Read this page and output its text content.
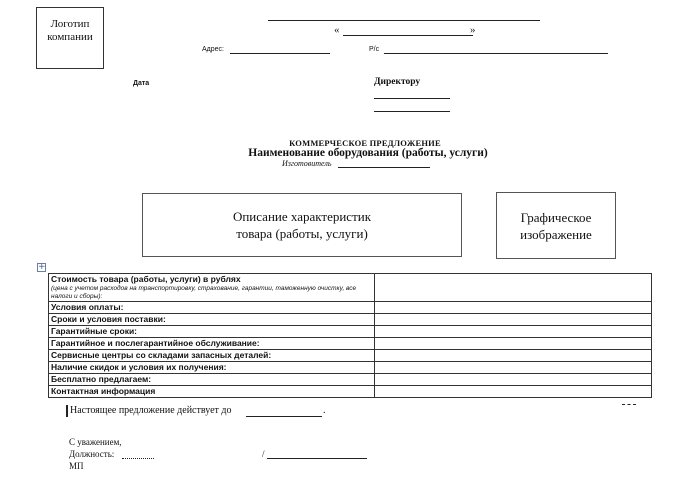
Логотип компании
«	»
Адрес:	Р/с
Дата	Директору
КОММЕРЧЕСКОЕ ПРЕДЛОЖЕНИЕ
Наименование оборудования (работы, услуги)
Изготовитель
Описание характеристик товара (работы, услуги)
Графическое изображение
+
Стоимость товара (работы, услуги) в рублях
(цена с учетом расходов на транспортировку, страхование, гарантии, таможенную очистку, все налоги и сборы):	

Условия оплаты:	
Сроки и условия поставки:	
Гарантийные сроки:	
Гарантийное и послегарантийное обслуживание:	
Сервисные центры со складами запасных деталей:	
Наличие скидок и условия их получения:	
Бесплатно предлагаем:	
Контактная информация	
Настоящее предложение действует до	.
С уважением,
Должность:
МП
/
